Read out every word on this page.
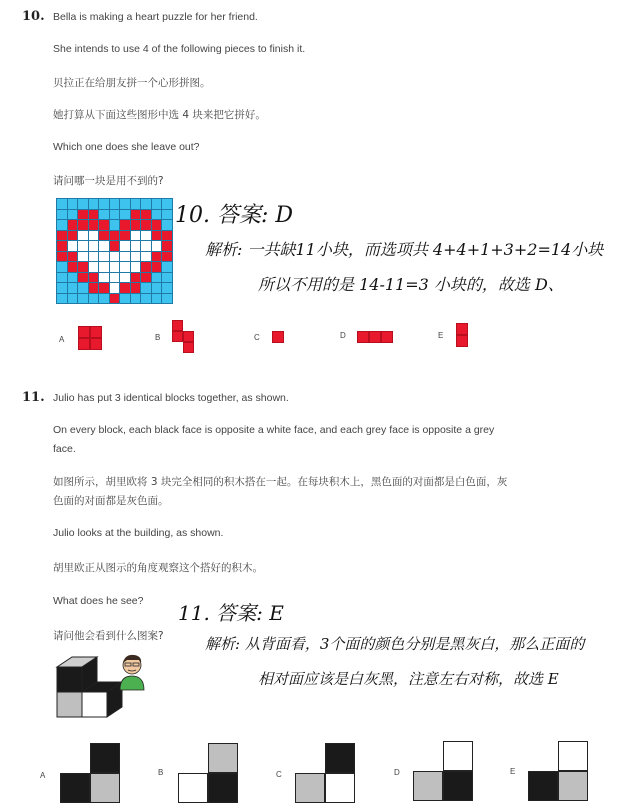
10. Bella is making a heart puzzle for her friend.
She intends to use 4 of the following pieces to finish it.
贝拉正在给朋友拼一个心形拼图。
她打算从下面这些图形中选 4 块来把它拼好。
Which one does she leave out?
请问哪一块是用不到的?
10. 答案: D
解析: 一共缺11小块，而选项共 4+4+1+3+2=14小块
所以不用的是 14-11=3 小块的，故选 D、
A	B	C	D	E
11. Julio has put 3 identical blocks together, as shown.
On every block, each black face is opposite a white face, and each grey face is opposite a grey
face.
如图所示，胡里欧将 3 块完全相同的积木搭在一起。在每块积木上，黑色面的对面都是白色面，灰
色面的对面都是灰色面。
Julio looks at the building, as shown.
胡里欧正从图示的角度观察这个搭好的积木。
What does he see?
请问他会看到什么图案?
11. 答案: E
解析: 从背面看，3个面的颜色分别是黑灰白，那么正面的
相对面应该是白灰黑，注意左右对称，故选 E
A	B	C	D	E
